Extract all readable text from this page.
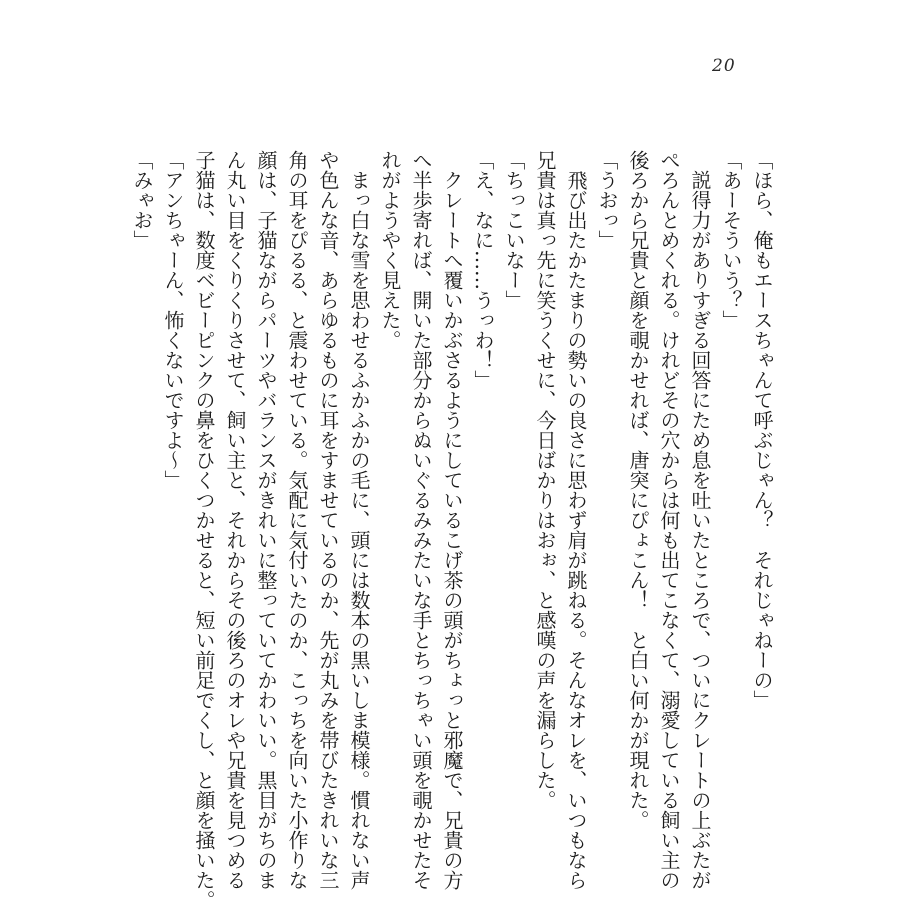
20

「ほら、俺もエースちゃんて呼ぶじゃん？　それじゃねーの」

「あーそういう？」

　説得力がありすぎる回答にため息を吐いたところで、ついにクレートの上ぶたが

ぺろんとめくれる。けれどその穴からは何も出てこなくて、溺愛している飼い主の

後ろから兄貴と顔を覗かせれば、唐突にぴょこん！　と白い何かが現れた。

「うおっ」

　飛び出たかたまりの勢いの良さに思わず肩が跳ねる。そんなオレを、いつもなら

兄貴は真っ先に笑うくせに、今日ばかりはおぉ、と感嘆の声を漏らした。

「ちっこいなー」

「え、なに……うっわ！」

　クレートへ覆いかぶさるようにしているこげ茶の頭がちょっと邪魔で、兄貴の方

へ半歩寄れば、開いた部分からぬいぐるみみたいな手とちっちゃい頭を覗かせたそ

れがようやく見えた。

　まっ白な雪を思わせるふかふかの毛に、頭には数本の黒いしま模様。慣れない声

や色んな音、あらゆるものに耳をすませているのか、先が丸みを帯びたきれいな三

角の耳をぴるる、と震わせている。気配に気付いたのか、こっちを向いた小作りな

顔は、子猫ながらパーツやバランスがきれいに整っていてかわいい。黒目がちのま

ん丸い目をくりくりさせて、飼い主と、それからその後ろのオレや兄貴を見つめる

子猫は、数度ベビーピンクの鼻をひくつかせると、短い前足でくし、と顔を掻いた。

「アンちゃーん、怖くないですよ〜」

「みゃお」
